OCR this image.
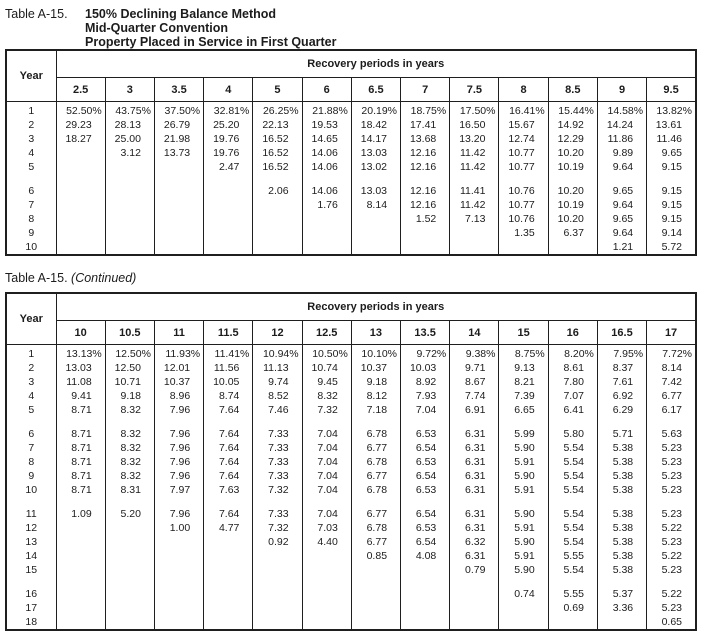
Table A-15.	150% Declining Balance Method
Mid-Quarter Convention
Property Placed in Service in First Quarter
Year	Recovery periods in years												
	2.5	3	3.5	4	5	6	6.5	7	7.5	8	8.5	9	9.5
1	52.50%	43.75%	37.50%	32.81%	26.25%	21.88%	20.19%	18.75%	17.50%	16.41%	15.44%	14.58%	13.82%
2	29.23	28.13	26.79	25.20	22.13	19.53	18.42	17.41	16.50	15.67	14.92	14.24	13.61
3	18.27	25.00	21.98	19.76	16.52	14.65	14.17	13.68	13.20	12.74	12.29	11.86	11.46
4		3.12	13.73	19.76	16.52	14.06	13.03	12.16	11.42	10.77	10.20	9.89	9.65
5				2.47	16.52	14.06	13.02	12.16	11.42	10.77	10.19	9.64	9.15

6					2.06	14.06	13.03	12.16	11.41	10.76	10.20	9.65	9.15
7						1.76	8.14	12.16	11.42	10.77	10.19	9.64	9.15
8								1.52	7.13	10.76	10.20	9.65	9.15
9										1.35	6.37	9.64	9.14
10												1.21	5.72
Table A-15. (Continued)
Year	Recovery periods in years												
	10	10.5	11	11.5	12	12.5	13	13.5	14	15	16	16.5	17
1	13.13%	12.50%	11.93%	11.41%	10.94%	10.50%	10.10%	9.72%	9.38%	8.75%	8.20%	7.95%	7.72%
2	13.03	12.50	12.01	11.56	11.13	10.74	10.37	10.03	9.71	9.13	8.61	8.37	8.14
3	11.08	10.71	10.37	10.05	9.74	9.45	9.18	8.92	8.67	8.21	7.80	7.61	7.42
4	9.41	9.18	8.96	8.74	8.52	8.32	8.12	7.93	7.74	7.39	7.07	6.92	6.77
5	8.71	8.32	7.96	7.64	7.46	7.32	7.18	7.04	6.91	6.65	6.41	6.29	6.17

6	8.71	8.32	7.96	7.64	7.33	7.04	6.78	6.53	6.31	5.99	5.80	5.71	5.63
7	8.71	8.32	7.96	7.64	7.33	7.04	6.77	6.54	6.31	5.90	5.54	5.38	5.23
8	8.71	8.32	7.96	7.64	7.33	7.04	6.78	6.53	6.31	5.91	5.54	5.38	5.23
9	8.71	8.32	7.96	7.64	7.33	7.04	6.77	6.54	6.31	5.90	5.54	5.38	5.23
10	8.71	8.31	7.97	7.63	7.32	7.04	6.78	6.53	6.31	5.91	5.54	5.38	5.23

11	1.09	5.20	7.96	7.64	7.33	7.04	6.77	6.54	6.31	5.90	5.54	5.38	5.23
12			1.00	4.77	7.32	7.03	6.78	6.53	6.31	5.91	5.54	5.38	5.22
13					0.92	4.40	6.77	6.54	6.32	5.90	5.54	5.38	5.23
14							0.85	4.08	6.31	5.91	5.55	5.38	5.22
15									0.79	5.90	5.54	5.38	5.23

16										0.74	5.55	5.37	5.22
17											0.69	3.36	5.23
18													0.65
